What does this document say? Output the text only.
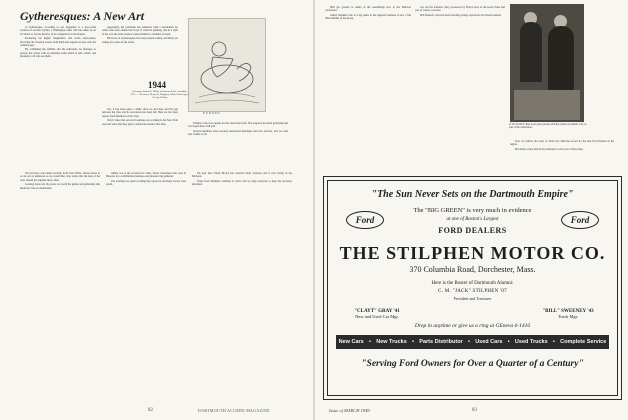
Gytheresques: A New Art

A Gytheresque, according to our magazine, is a pen-or-ink creation of Gordon Gyther, a Washington artist who has taken up an art which so far has had few of its competitors in the market.

Producing his highly imaginative and warm expressions, involving the classical scenes from myth and legend, he uses only the common pen.

By combining the sublime and the ridiculous, he manages to portray the scenes with an amusing result which is both artistic and pleasing to all who see them.

Apparently, the technique has somehow held a fascination for artists who have studied the ways of classical painting, and in a style of his own the artist renders scenes familiar to students of myth.

His book on Gytheresques has been praised widely, and many are asking for copies of the series.

EUROPA
1944
Secretary, Robert E. Miller at Olmstead Rd., Scarsdale, N.Y. — Treasurer, Henry W. Bingham, Main Class Agent, George Hubley

Yes, it has been quite a while since we last met, and the gap between the class and its secretaries has been felt. Here are the latest reports from members of the class.

Word comes that several classmates are working in the New York area and write that they plan to attend the reunion this June.	Thanks to the class agents for the class fund work. The response has been gratifying and it is hoped more will join.

Several members have recently announced marriages and new arrivals, and we send best wishes to all.

We received a nice letter recently from Chet Wolfe, whose letters to us are not as numerous as we would like, who writes that the men of the class should get together more often.

Looking back over the years, we recall the games and gatherings that made the class so memorable.

Jimmy was at the occasion for visits, where classmates who were in Hanover on a combination business and pleasure trip gathered.

The evening was spent recalling days gone by and many stories were retold.

We hear that Chuck Brown has returned from overseas and is now living in the Midwest.

Notes from members continue to arrive and we urge everyone to keep the secretary informed.

82	DARTMOUTH ALUMNI MAGAZINE

Hall got ground to others at the assemblage now at the Hanover conference.

Alfred Sandelin who is a big name in the regional business is now a full time member of the group.

Art, Art the bachelor party sponsored by Brad Lewis of the Great Ernie and was of course a success.

Phil Deutsch, who has been traveling widely, reports he will attend reunion.

A 'TO TOAST.' Paul Lees plays glasses with his partner in Atlantic City as part of the celebration.

Now we believe the Class of 1944 can claim the record for the best Ford Dealers in the region.

Bob Kelso wrote that he has returned to school on a fellowship.

"The Sun Never Sets on the Dartmouth Empire"
The "BIG GREEN" is very much in evidence
Ford	Ford
at one of Boston's Largest
FORD DEALERS
THE STILPHEN MOTOR CO.
370 Columbia Road, Dorchester, Mass.
Here is the Roster of Dartmouth Alumni:
C. M. "JACK" STILPHEN '07
President and Treasurer
"CLAYT" GRAY '41
New and Used Car Mgr.
"BILL" SWEENEY '43
Truck Mgr.
Drop in anytime or give us a ring at GEneva 6-1416
New Cars • New Trucks • Parts Distributor • Used Cars • Used Trucks • Complete Service
"Serving Ford Owners for Over a Quarter of a Century"
Issue of MARCH 1949	83
